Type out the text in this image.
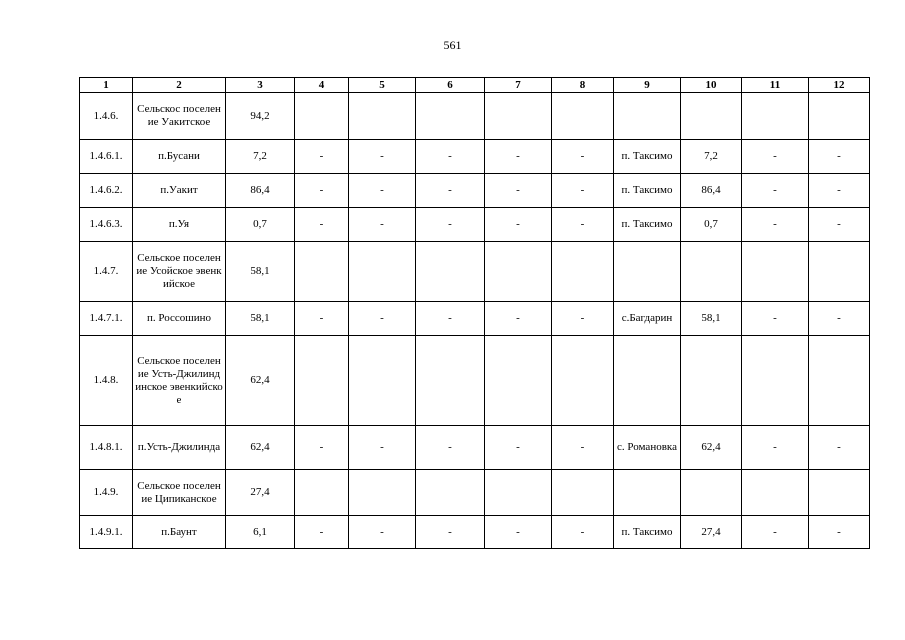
561
1	2	3	4	5	6	7	8	9	10	11	12
1.4.6.	Сельскос поселение Уакитское	94,2									
1.4.6.1.	п.Бусани	7,2	-	-	-	-	-	п. Таксимо	7,2	-	-
1.4.6.2.	п.Уакит	86,4	-	-	-	-	-	п. Таксимо	86,4	-	-
1.4.6.3.	п.Уя	0,7	-	-	-	-	-	п. Таксимо	0,7	-	-
1.4.7.	Сельское поселение Усойское эвенкийское	58,1									
1.4.7.1.	п. Россошино	58,1	-	-	-	-	-	с.Багдарин	58,1	-	-
1.4.8.	Сельское поселение Усть-Джилиндинское эвенкийское	62,4									
1.4.8.1.	п.Усть-Джилинда	62,4	-	-	-	-	-	с. Романовка	62,4	-	-
1.4.9.	Сельское поселение Ципиканское	27,4									
1.4.9.1.	п.Баунт	6,1	-	-	-	-	-	п. Таксимо	27,4	-	-
